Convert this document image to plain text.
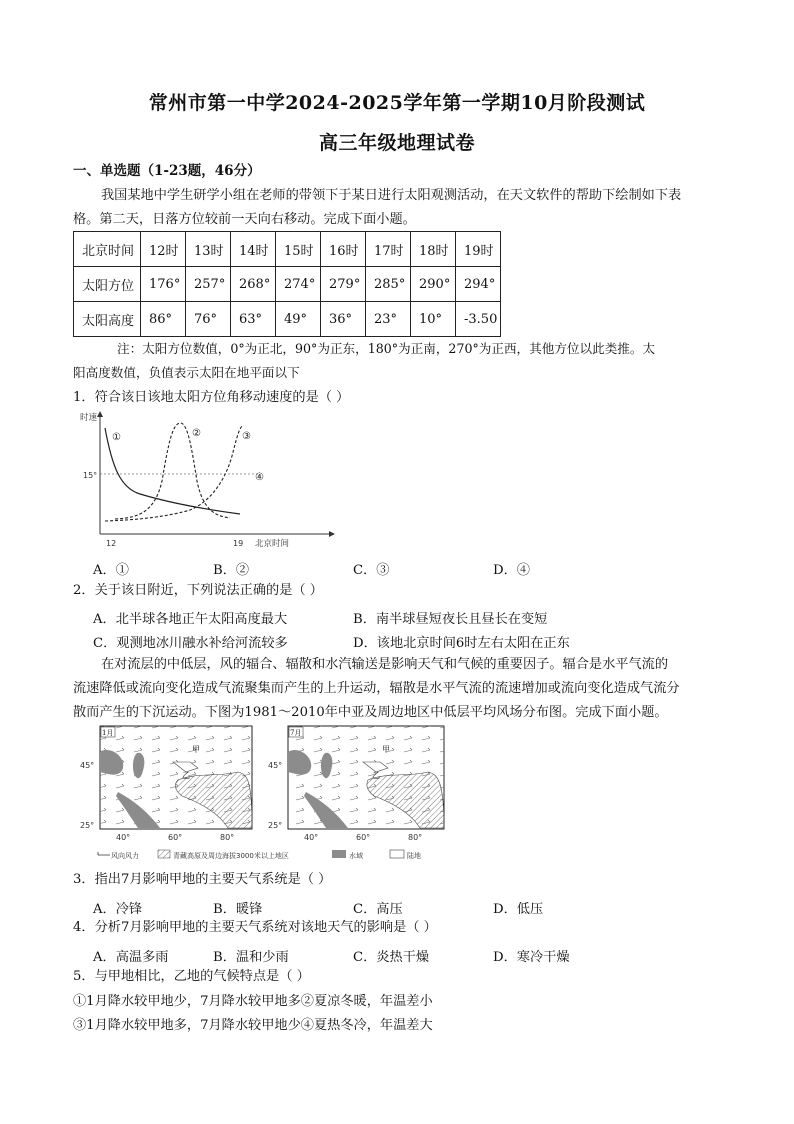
常州市第一中学2024-2025学年第一学期10月阶段测试
高三年级地理试卷
一、单选题（1-23题，46分）
我国某地中学生研学小组在老师的带领下于某日进行太阳观测活动，在天文软件的帮助下绘制如下表
格。第二天，日落方位较前一天向右移动。完成下面小题。
北京时间	12时	13时	14时	15时	16时	17时	18时	19时
太阳方位	176°	257°	268°	274°	279°	285°	290°	294°
太阳高度	86°	76°	63°	49°	36°	23°	10°	-3.50
注：太阳方位数值，0°为正北，90°为正东，180°为正南，270°为正西，其他方位以此类推。太
阳高度数值，负值表示太阳在地平面以下
1．符合该日该地太阳方位角移动速度的是（ ）
时速
15°
12	19 北京时间
①	②	③
④
A．①	B．②	C．③	D．④
2．关于该日附近，下列说法正确的是（ ）
A．北半球各地正午太阳高度最大	B．南半球昼短夜长且昼长在变短
C．观测地冰川融水补给河流较多	D．该地北京时间6时左右太阳在正东
在对流层的中低层，风的辐合、辐散和水汽输送是影响天气和气候的重要因子。辐合是水平气流的
流速降低或流向变化造成气流聚集而产生的上升运动，辐散是水平气流的流速增加或流向变化造成气流分
散而产生的下沉运动。下图为1981～2010年中亚及周边地区中低层平均风场分布图。完成下面小题。
甲
乙
1月
甲
乙
7月
45°
25°
45°
25°
40°	60°	80°	40°	60°	80°
风向风力	青藏高原及周边海拔3000米以上地区	水域	陆地
3．指出7月影响甲地的主要天气系统是（ ）
A．冷锋	B．暖锋	C．高压	D．低压
4．分析7月影响甲地的主要天气系统对该地天气的影响是（ ）
A．高温多雨	B．温和少雨	C．炎热干燥	D．寒冷干燥
5．与甲地相比，乙地的气候特点是（ ）
①1月降水较甲地少，7月降水较甲地多②夏凉冬暖，年温差小
③1月降水较甲地多，7月降水较甲地少④夏热冬冷，年温差大
